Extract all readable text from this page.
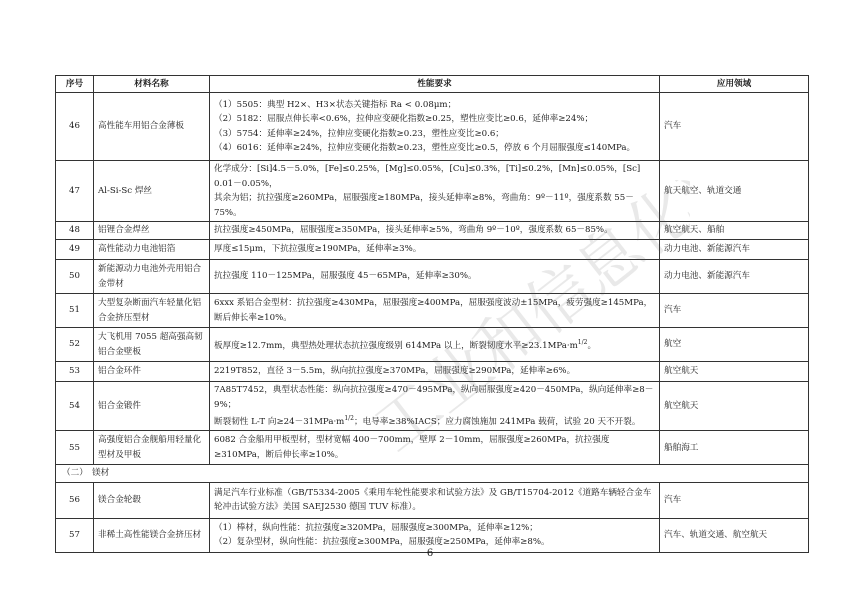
序号	材料名称	性能要求	应用领域
46	高性能车用铝合金薄板	（1）5505：典型 H2×、H3×状态关键指标 Ra < 0.08μm；
（2）5182：屈服点伸长率<0.6%，拉伸应变硬化指数≥0.25，塑性应变比≥0.6，延伸率≥24%；
（3）5754：延伸率≥24%，拉伸应变硬化指数≥0.23，塑性应变比≥0.6；
（4）6016：延伸率≥24%，拉伸应变硬化指数≥0.23，塑性应变比≥0.5，停放 6 个月屈服强度≤140MPa。	汽车
47	Al-Si-Sc 焊丝	化学成分：[Si]4.5－5.0%，[Fe]≤0.25%，[Mg]≤0.05%，[Cu]≤0.3%，[Ti]≤0.2%，[Mn]≤0.05%，[Sc] 0.01－0.05%，
其余为铝；抗拉强度≥260MPa，屈服强度≥180MPa，接头延伸率≥8%，弯曲角：9º－11º，强度系数 55－75%。	航天航空、轨道交通
48	铝锂合金焊丝	抗拉强度≥450MPa，屈服强度≥350MPa，接头延伸率≥5%，弯曲角 9º－10º，强度系数 65－85%。	航空航天、船舶
49	高性能动力电池铝箔	厚度≤15μm，下抗拉强度≥190MPa，延伸率≥3%。	动力电池、新能源汽车
50	新能源动力电池外壳用铝合金带材	抗拉强度 110－125MPa，屈服强度 45－65MPa，延伸率≥30%。	动力电池、新能源汽车
51	大型复杂断面汽车轻量化铝合金挤压型材	6xxx 系铝合金型材：抗拉强度≥430MPa，屈服强度≥400MPa，屈服强度波动±15MPa，疲劳强度≥145MPa，断后伸长率≥10%。	汽车
52	大飞机用 7055 超高强高韧铝合金壁板	板厚度≥12.7mm，典型热处理状态抗拉强度级别 614MPa 以上，断裂韧度水平$\ge 23.1MPa\cdot m^{1/2}$。	航空
53	铝合金环件	2219T852，直径 3－5.5m，纵向抗拉强度≥370MPa，屈服强度≥290MPa，延伸率≥6%。	航空航天
54	铝合金锻件	7A85T7452，典型状态性能：纵向抗拉强度≥470－495MPa，纵向屈服强度≥420－450MPa，纵向延伸率≥8－9%；
断裂韧性 L-T 向$\ge 24-31MPa\cdot m^{1/2}$；电导率≥38%IACS；应力腐蚀施加 241MPa 载荷，试验 20 天不开裂。	航空航天
55	高强度铝合金舰船用轻量化型材及甲板	6082 合金船用甲板型材，型材宽幅 400－700mm，壁厚 2－10mm，屈服强度≥260MPa，抗拉强度≥310MPa，断后伸长率≥10%。	船舶海工
（二）　镁材			
56	镁合金轮毂	满足汽车行业标准（GB/T5334-2005《乘用车轮性能要求和试验方法》及 GB/T15704-2012《道路车辆轻合金车轮冲击试验方法》美国 SAEJ2530 德国 TUV 标准）。	汽车
57	非稀土高性能镁合金挤压材	（1）棒材，纵向性能：抗拉强度≥320MPa，屈服强度≥300MPa，延伸率≥12%；
（2）复杂型材，纵向性能：抗拉强度≥300MPa，屈服强度≥250MPa，延伸率≥8%。	汽车、轨道交通、航空航天
6
工业和信息化部
